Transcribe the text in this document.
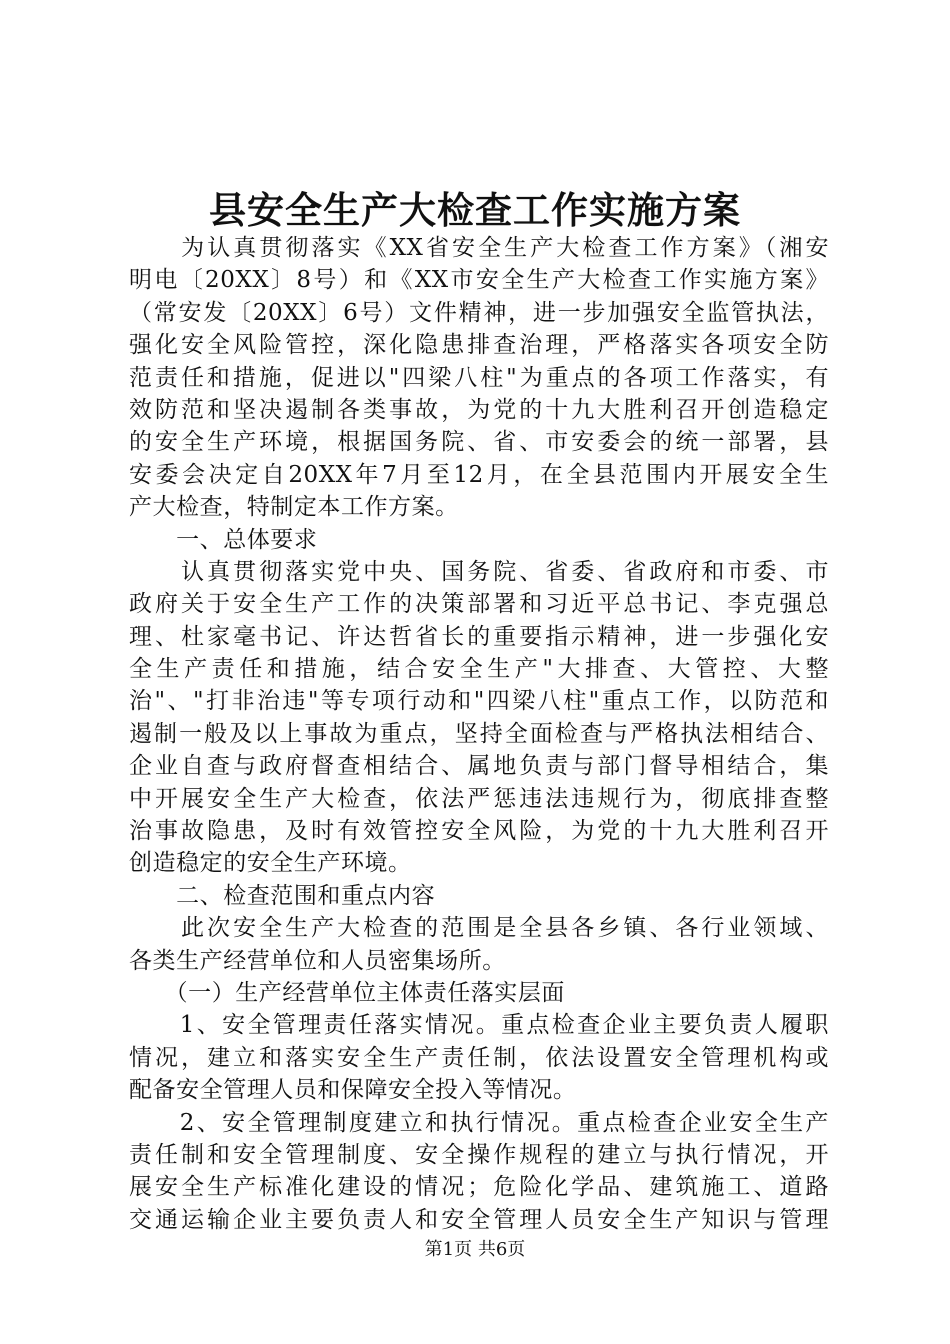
县安全生产大检查工作实施方案
　　为认真贯彻落实《XX省安全生产大检查工作方案》（湘安
明电〔20XX〕8号）和《XX市安全生产大检查工作实施方案》
（常安发〔20XX〕6号）文件精神，进一步加强安全监管执法，
强化安全风险管控，深化隐患排查治理，严格落实各项安全防
范责任和措施，促进以"四梁八柱"为重点的各项工作落实，有
效防范和坚决遏制各类事故，为党的十九大胜利召开创造稳定
的安全生产环境，根据国务院、省、市安委会的统一部署，县
安委会决定自20XX年7月至12月，在全县范围内开展安全生
产大检查，特制定本工作方案。
　　一、总体要求
　　认真贯彻落实党中央、国务院、省委、省政府和市委、市
政府关于安全生产工作的决策部署和习近平总书记、李克强总
理、杜家毫书记、许达哲省长的重要指示精神，进一步强化安
全生产责任和措施，结合安全生产"大排查、大管控、大整
治"、"打非治违"等专项行动和"四梁八柱"重点工作，以防范和
遏制一般及以上事故为重点，坚持全面检查与严格执法相结合、
企业自查与政府督查相结合、属地负责与部门督导相结合，集
中开展安全生产大检查，依法严惩违法违规行为，彻底排查整
治事故隐患，及时有效管控安全风险，为党的十九大胜利召开
创造稳定的安全生产环境。
　　二、检查范围和重点内容
　　此次安全生产大检查的范围是全县各乡镇、各行业领域、
各类生产经营单位和人员密集场所。
　　（一）生产经营单位主体责任落实层面
　　1、安全管理责任落实情况。重点检查企业主要负责人履职
情况，建立和落实安全生产责任制，依法设置安全管理机构或
配备安全管理人员和保障安全投入等情况。
　　2、安全管理制度建立和执行情况。重点检查企业安全生产
责任制和安全管理制度、安全操作规程的建立与执行情况，开
展安全生产标准化建设的情况；危险化学品、建筑施工、道路
交通运输企业主要负责人和安全管理人员安全生产知识与管理
第1页 共6页
